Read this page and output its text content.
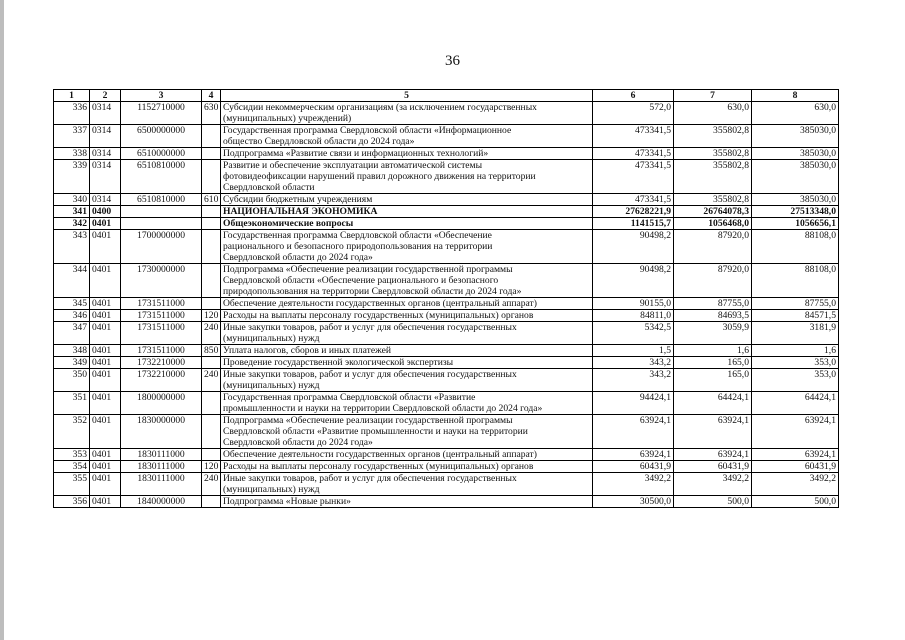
36
1	2	3	4	5	6	7	8
336	0314	1152710000	630	Субсидии некоммерческим организациям (за исключением государственных
(муниципальных) учреждений)	572,0	630,0	630,0
337	0314	6500000000		Государственная программа Свердловской области «Информационное
общество Свердловской области до 2024 года»	473341,5	355802,8	385030,0
338	0314	6510000000		Подпрограмма «Развитие связи и информационных технологий»	473341,5	355802,8	385030,0
339	0314	6510810000		Развитие и обеспечение эксплуатации автоматической системы
фотовидеофиксации нарушений правил дорожного движения на территории
Свердловской области	473341,5	355802,8	385030,0
340	0314	6510810000	610	Субсидии бюджетным учреждениям	473341,5	355802,8	385030,0
341	0400			НАЦИОНАЛЬНАЯ ЭКОНОМИКА	27628221,9	26764078,3	27513348,0
342	0401			Общеэкономические вопросы	1141515,7	1056468,0	1056656,1
343	0401	1700000000		Государственная программа Свердловской области «Обеспечение
рационального и безопасного природопользования на территории
Свердловской области до 2024 года»	90498,2	87920,0	88108,0
344	0401	1730000000		Подпрограмма «Обеспечение реализации государственной программы
Свердловской области «Обеспечение рационального и безопасного
природопользования на территории Свердловской области до 2024 года»	90498,2	87920,0	88108,0
345	0401	1731511000		Обеспечение деятельности государственных органов (центральный аппарат)	90155,0	87755,0	87755,0
346	0401	1731511000	120	Расходы на выплаты персоналу государственных (муниципальных) органов	84811,0	84693,5	84571,5
347	0401	1731511000	240	Иные закупки товаров, работ и услуг для обеспечения государственных
(муниципальных) нужд	5342,5	3059,9	3181,9
348	0401	1731511000	850	Уплата налогов, сборов и иных платежей	1,5	1,6	1,6
349	0401	1732210000		Проведение государственной экологической экспертизы	343,2	165,0	353,0
350	0401	1732210000	240	Иные закупки товаров, работ и услуг для обеспечения государственных
(муниципальных) нужд	343,2	165,0	353,0
351	0401	1800000000		Государственная программа Свердловской области «Развитие
промышленности и науки на территории Свердловской области до 2024 года»	94424,1	64424,1	64424,1
352	0401	1830000000		Подпрограмма «Обеспечение реализации государственной программы
Свердловской области «Развитие промышленности и науки на территории
Свердловской области до 2024 года»	63924,1	63924,1	63924,1
353	0401	1830111000		Обеспечение деятельности государственных органов (центральный аппарат)	63924,1	63924,1	63924,1
354	0401	1830111000	120	Расходы на выплаты персоналу государственных (муниципальных) органов	60431,9	60431,9	60431,9
355	0401	1830111000	240	Иные закупки товаров, работ и услуг для обеспечения государственных
(муниципальных) нужд	3492,2	3492,2	3492,2
356	0401	1840000000		Подпрограмма «Новые рынки»	30500,0	500,0	500,0
